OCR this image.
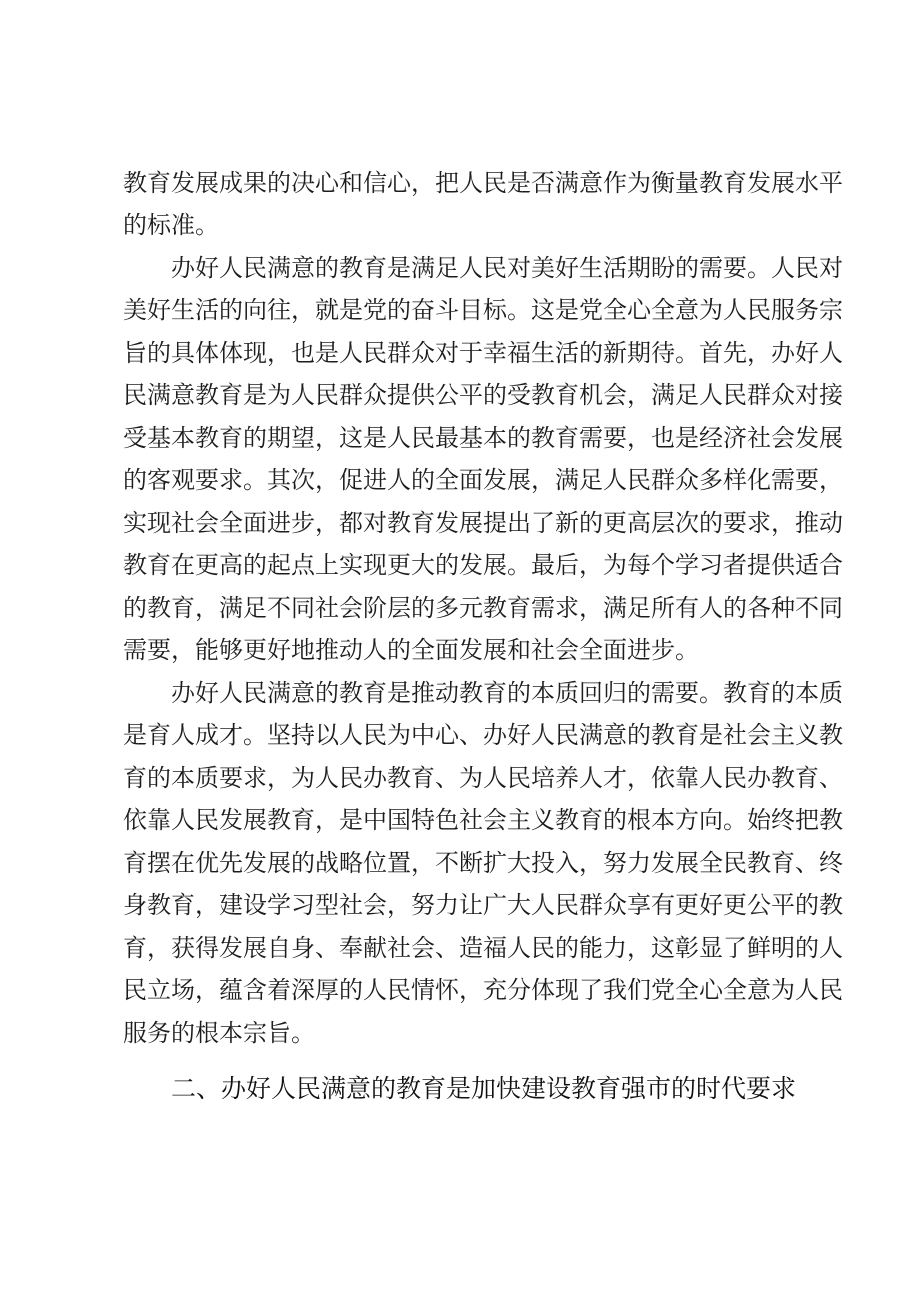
教育发展成果的决心和信心，把人民是否满意作为衡量教育发展水平
的标准。
办好人民满意的教育是满足人民对美好生活期盼的需要。人民对
美好生活的向往，就是党的奋斗目标。这是党全心全意为人民服务宗
旨的具体体现，也是人民群众对于幸福生活的新期待。首先，办好人
民满意教育是为人民群众提供公平的受教育机会，满足人民群众对接
受基本教育的期望，这是人民最基本的教育需要，也是经济社会发展
的客观要求。其次，促进人的全面发展，满足人民群众多样化需要，
实现社会全面进步，都对教育发展提出了新的更高层次的要求，推动
教育在更高的起点上实现更大的发展。最后，为每个学习者提供适合
的教育，满足不同社会阶层的多元教育需求，满足所有人的各种不同
需要，能够更好地推动人的全面发展和社会全面进步。
办好人民满意的教育是推动教育的本质回归的需要。教育的本质
是育人成才。坚持以人民为中心、办好人民满意的教育是社会主义教
育的本质要求，为人民办教育、为人民培养人才，依靠人民办教育、
依靠人民发展教育，是中国特色社会主义教育的根本方向。始终把教
育摆在优先发展的战略位置，不断扩大投入，努力发展全民教育、终
身教育，建设学习型社会，努力让广大人民群众享有更好更公平的教
育，获得发展自身、奉献社会、造福人民的能力，这彰显了鲜明的人
民立场，蕴含着深厚的人民情怀，充分体现了我们党全心全意为人民
服务的根本宗旨。
二、办好人民满意的教育是加快建设教育强市的时代要求
